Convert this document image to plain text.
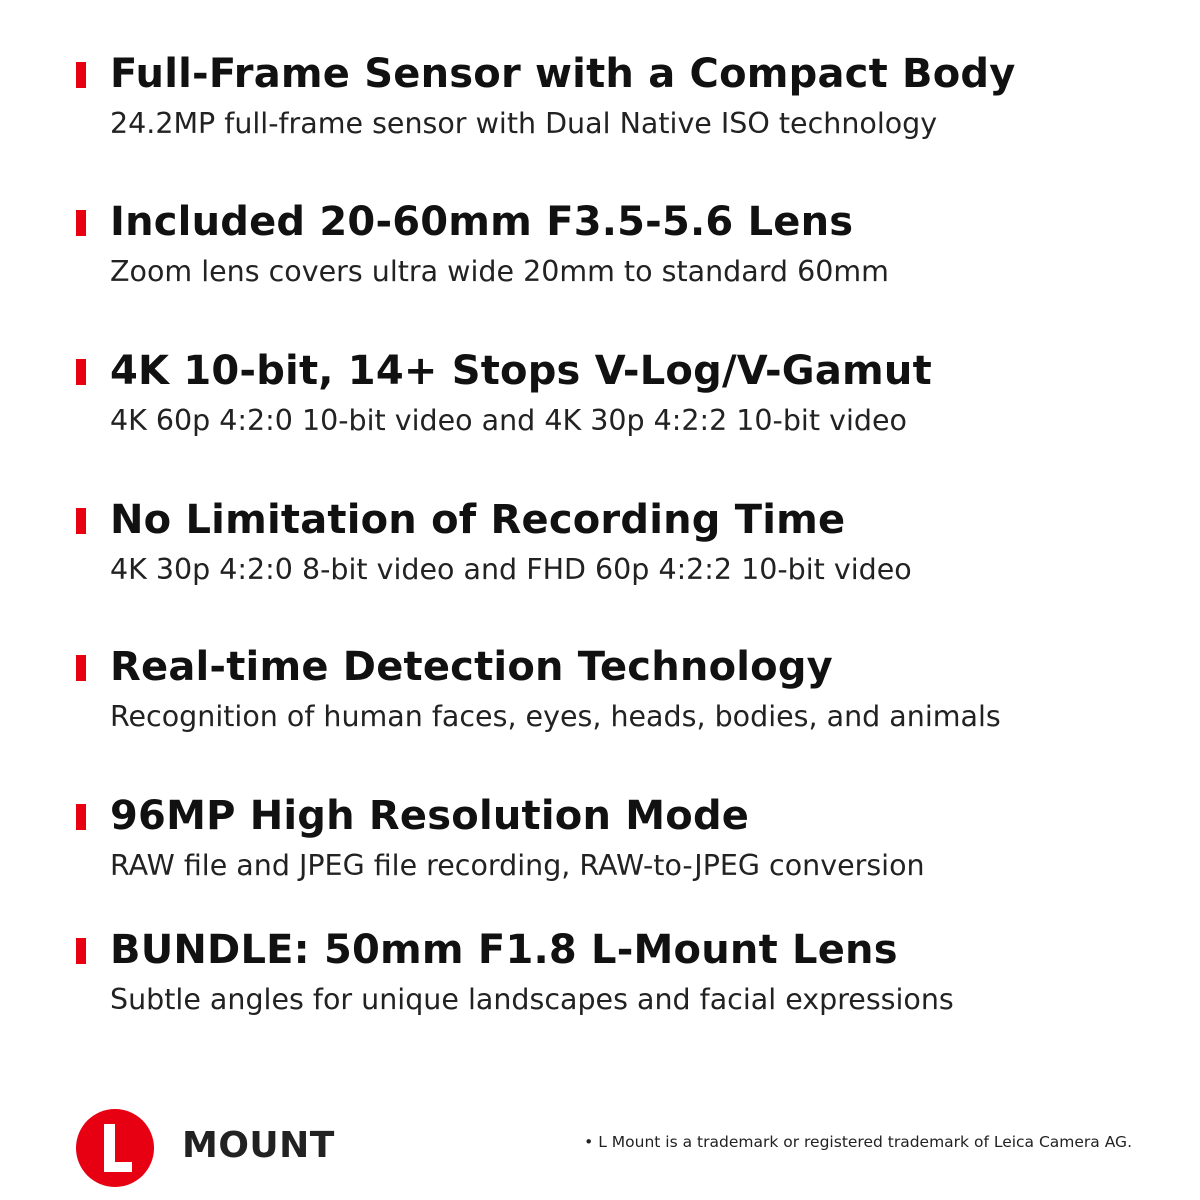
Full-Frame Sensor with a Compact Body
24.2MP full-frame sensor with Dual Native ISO technology
Included 20-60mm F3.5-5.6 Lens
Zoom lens covers ultra wide 20mm to standard 60mm
4K 10-bit, 14+ Stops V-Log/V-Gamut
4K 60p 4:2:0 10-bit video and 4K 30p 4:2:2 10-bit video
No Limitation of Recording Time
4K 30p 4:2:0 8-bit video and FHD 60p 4:2:2 10-bit video
Real-time Detection Technology
Recognition of human faces, eyes, heads, bodies, and animals
96MP High Resolution Mode
RAW file and JPEG file recording, RAW-to-JPEG conversion
BUNDLE: 50mm F1.8 L-Mount Lens
Subtle angles for unique landscapes and facial expressions
MOUNT	• L Mount is a trademark or registered trademark of Leica Camera AG.
